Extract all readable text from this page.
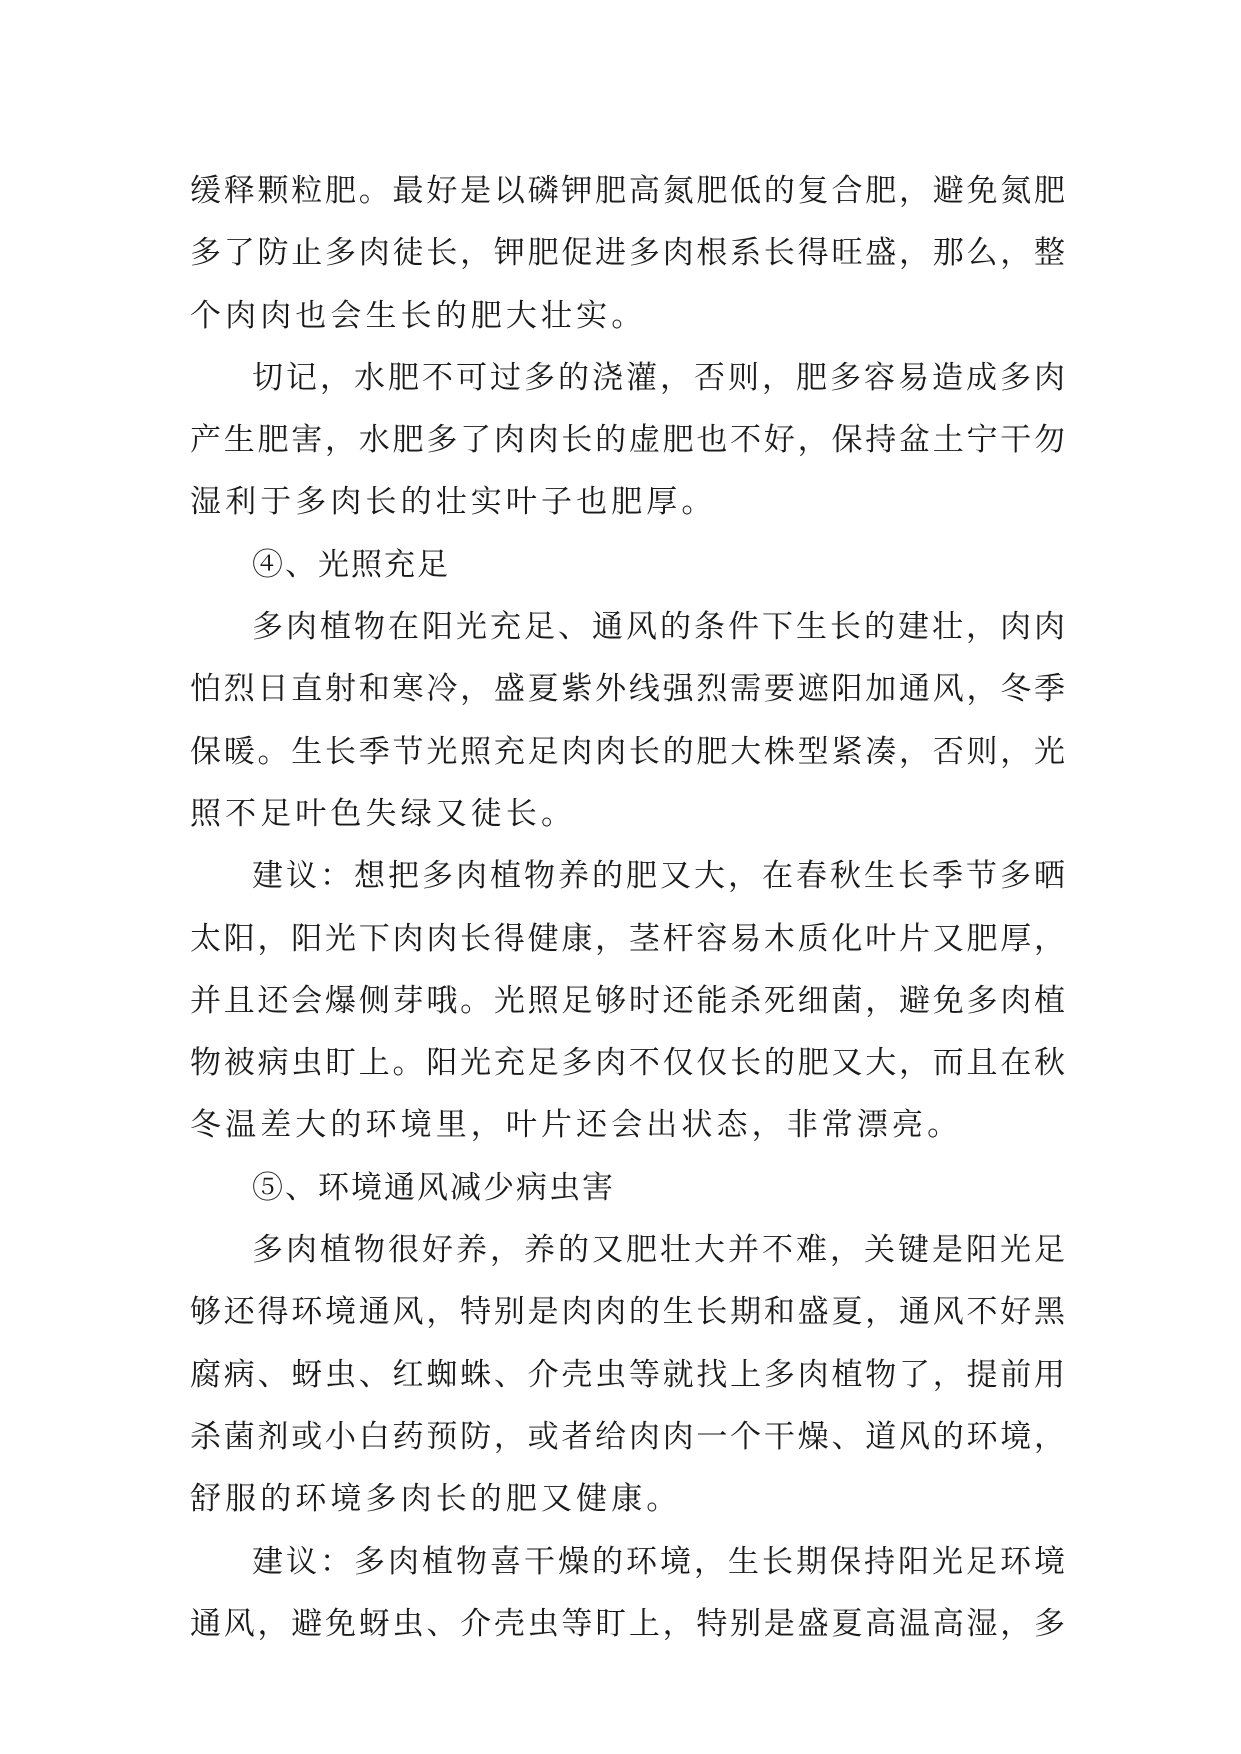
缓释颗粒肥。最好是以磷钾肥高氮肥低的复合肥，避免氮肥
多了防止多肉徒长，钾肥促进多肉根系长得旺盛，那么，整
个肉肉也会生长的肥大壮实。
切记，水肥不可过多的浇灌，否则，肥多容易造成多肉
产生肥害，水肥多了肉肉长的虚肥也不好，保持盆土宁干勿
湿利于多肉长的壮实叶子也肥厚。
④、光照充足
多肉植物在阳光充足、通风的条件下生长的建壮，肉肉
怕烈日直射和寒冷，盛夏紫外线强烈需要遮阳加通风，冬季
保暖。生长季节光照充足肉肉长的肥大株型紧凑，否则，光
照不足叶色失绿又徒长。
建议：想把多肉植物养的肥又大，在春秋生长季节多晒
太阳，阳光下肉肉长得健康，茎杆容易木质化叶片又肥厚，
并且还会爆侧芽哦。光照足够时还能杀死细菌，避免多肉植
物被病虫盯上。阳光充足多肉不仅仅长的肥又大，而且在秋
冬温差大的环境里，叶片还会出状态，非常漂亮。
⑤、环境通风减少病虫害
多肉植物很好养，养的又肥壮大并不难，关键是阳光足
够还得环境通风，特别是肉肉的生长期和盛夏，通风不好黑
腐病、蚜虫、红蜘蛛、介壳虫等就找上多肉植物了，提前用
杀菌剂或小白药预防，或者给肉肉一个干燥、道风的环境，
舒服的环境多肉长的肥又健康。
建议：多肉植物喜干燥的环境，生长期保持阳光足环境
通风，避免蚜虫、介壳虫等盯上，特别是盛夏高温高湿，多
